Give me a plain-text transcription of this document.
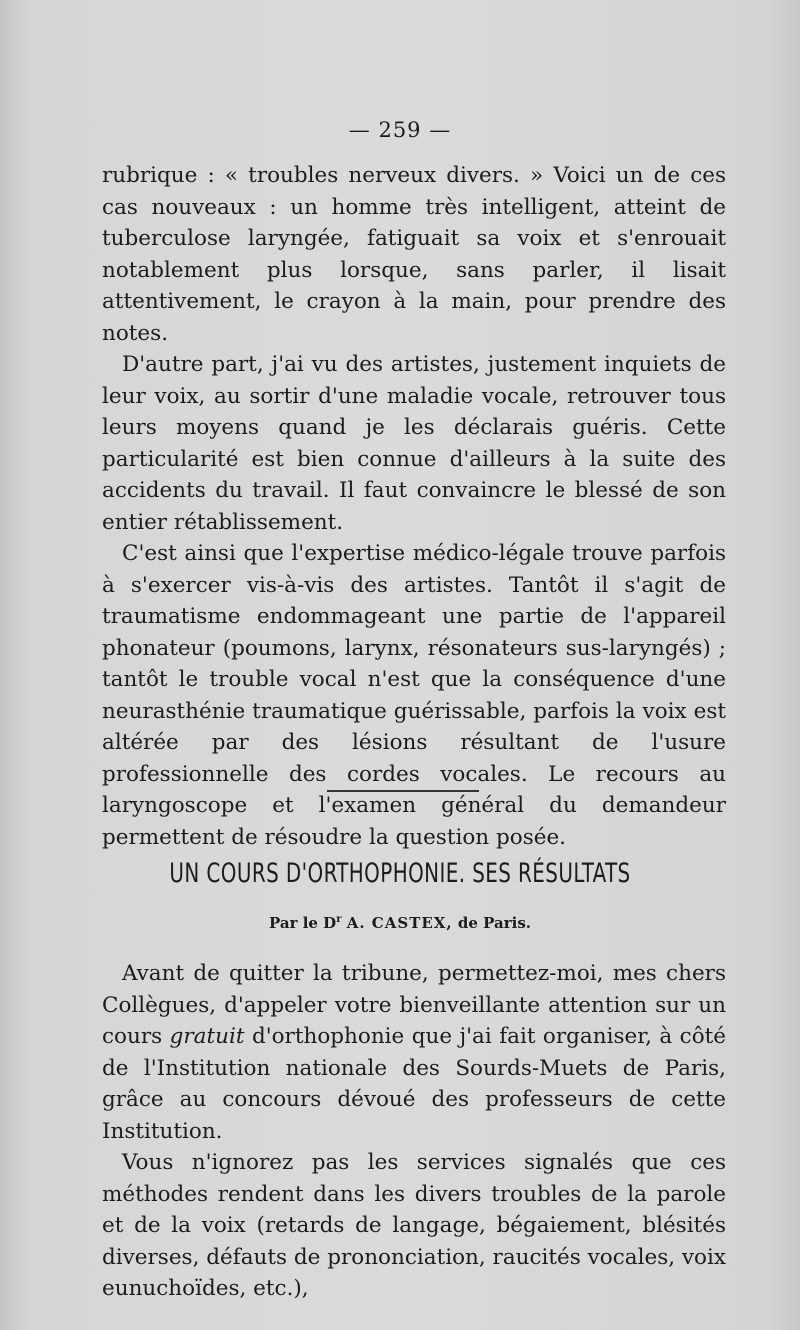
— 259 —

rubrique : « troubles nerveux divers. » Voici un de ces cas nouveaux : un homme très intelligent, atteint de tuberculose laryngée, fatiguait sa voix et s'enrouait notablement plus lorsque, sans parler, il lisait attentivement, le crayon à la main, pour prendre des notes.

D'autre part, j'ai vu des artistes, justement inquiets de leur voix, au sortir d'une maladie vocale, retrouver tous leurs moyens quand je les déclarais guéris. Cette particularité est bien connue d'ailleurs à la suite des accidents du travail. Il faut convaincre le blessé de son entier rétablissement.

C'est ainsi que l'expertise médico-légale trouve parfois à s'exercer vis-à-vis des artistes. Tantôt il s'agit de traumatisme endommageant une partie de l'appareil phonateur (poumons, larynx, résonateurs sus-laryngés) ; tantôt le trouble vocal n'est que la conséquence d'une neurasthénie traumatique guérissable, parfois la voix est altérée par des lésions résultant de l'usure professionnelle des cordes vocales. Le recours au laryngoscope et l'examen général du demandeur permettent de résoudre la question posée.

UN COURS D'ORTHOPHONIE. SES RÉSULTATS
Par le $D^r$ A. CASTEX, de Paris.

Avant de quitter la tribune, permettez-moi, mes chers Collègues, d'appeler votre bienveillante attention sur un cours gratuit d'orthophonie que j'ai fait organiser, à côté de l'Institution nationale des Sourds-Muets de Paris, grâce au concours dévoué des professeurs de cette Institution.

Vous n'ignorez pas les services signalés que ces méthodes rendent dans les divers troubles de la parole et de la voix (retards de langage, bégaiement, blésités diverses, défauts de prononciation, raucités vocales, voix eunuchoïdes, etc.),
